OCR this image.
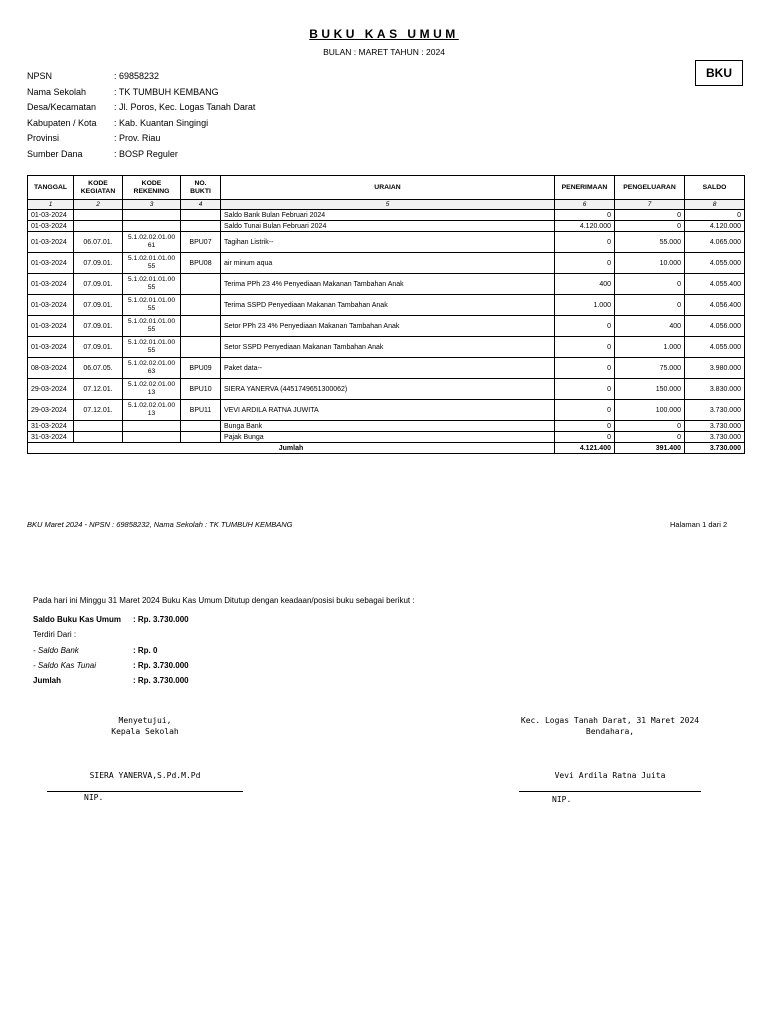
BUKU KAS UMUM
BULAN : MARET TAHUN : 2024
BKU
NPSN	: 69858232
Nama Sekolah	: TK TUMBUH KEMBANG
Desa/Kecamatan	: Jl. Poros, Kec. Logas Tanah Darat
Kabupaten / Kota	: Kab. Kuantan Singingi
Provinsi	: Prov. Riau
Sumber Dana	: BOSP Reguler
TANGGAL	KODE KEGIATAN	KODE REKENING	NO. BUKTI	URAIAN	PENERIMAAN	PENGELUARAN	SALDO
1	2	3	4	5	6	7	8
01-03-2024				Saldo Bank Bulan Februari 2024	0	0	0
01-03-2024				Saldo Tunai Bulan Februari 2024	4.120.000	0	4.120.000
01-03-2024	06.07.01.	5.1.02.02.01.00 61	BPU07	Tagihan Listrik--	0	55.000	4.065.000
01-03-2024	07.09.01.	5.1.02.01.01.00 55	BPU08	air minum aqua	0	10.000	4.055.000
01-03-2024	07.09.01.	5.1.02.01.01.00 55		Terima PPh 23 4% Penyediaan Makanan Tambahan Anak	400	0	4.055.400
01-03-2024	07.09.01.	5.1.02.01.01.00 55		Terima SSPD Penyediaan Makanan Tambahan Anak	1.000	0	4.056.400
01-03-2024	07.09.01.	5.1.02.01.01.00 55		Setor PPh 23 4% Penyediaan Makanan Tambahan Anak	0	400	4.056.000
01-03-2024	07.09.01.	5.1.02.01.01.00 55		Setor SSPD Penyediaan Makanan Tambahan Anak	0	1.000	4.055.000
08-03-2024	06.07.05.	5.1.02.02.01.00 63	BPU09	Paket data--	0	75.000	3.980.000
29-03-2024	07.12.01.	5.1.02.02.01.00 13	BPU10	SIERA YANERVA (4451749651300062)	0	150.000	3.830.000
29-03-2024	07.12.01.	5.1.02.02.01.00 13	BPU11	VEVI ARDILA RATNA JUWITA	0	100.000	3.730.000
31-03-2024				Bunga Bank	0	0	3.730.000
31-03-2024				Pajak Bunga	0	0	3.730.000
Jumlah					4.121.400	391.400	3.730.000
BKU Maret 2024 - NPSN : 69858232, Nama Sekolah : TK TUMBUH KEMBANG	Halaman 1 dari 2
Pada hari ini Minggu 31 Maret 2024 Buku Kas Umum Ditutup dengan keadaan/posisi buku sebagai berikut :
Saldo Buku Kas Umum : Rp. 3.730.000
Terdiri Dari :
- Saldo Bank	: Rp. 0
- Saldo Kas Tunai	: Rp. 3.730.000
Jumlah	: Rp. 3.730.000
Menyetujui,
Kepala Sekolah
SIERA YANERVA,S.Pd.M.Pd
NIP.
Kec. Logas Tanah Darat, 31 Maret 2024
Bendahara,
Vevi Ardila Ratna Juita
NIP.
